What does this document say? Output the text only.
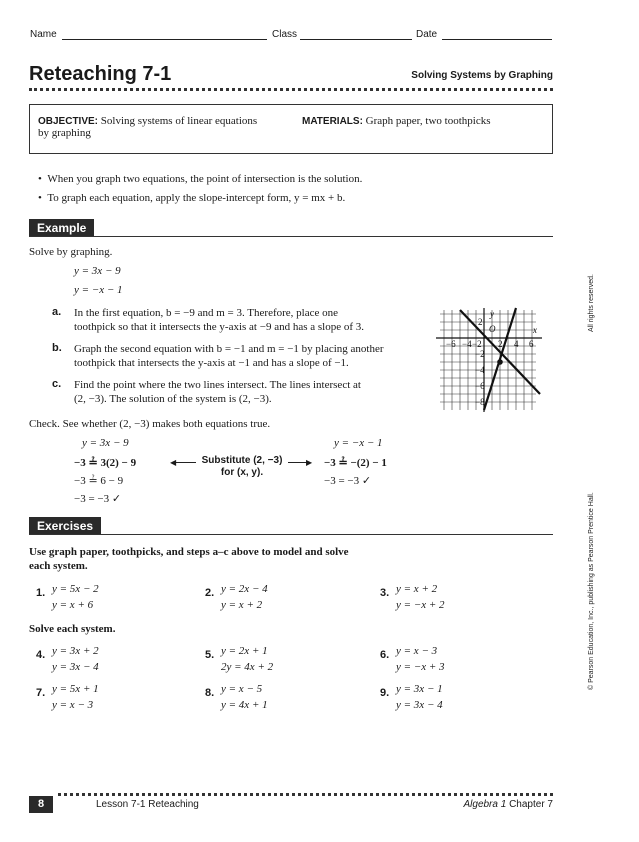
Name	Class	Date
Reteaching 7-1	Solving Systems by Graphing
OBJECTIVE: Solving systems of linear equations
by graphing
MATERIALS: Graph paper, two toothpicks
•  When you graph two equations, the point of intersection is the solution.
•  To graph each equation, apply the slope-intercept form, y = mx + b.
Example
Solve by graphing.
y = 3x − 9
y = −x − 1
a. In the first equation, b = −9 and m = 3. Therefore, place one
toothpick so that it intersects the y-axis at −9 and has a slope of 3.
b. Graph the second equation with b = −1 and m = −1 by placing another
toothpick that intersects the y-axis at −1 and has a slope of −1.
c. Find the point where the two lines intersect. The lines intersect at
(2, −3). The solution of the system is (2, −3).
y
x
O
−6 −4 −2 2 4 6
2
−2
−4
−6
−8
Check. See whether (2, −3) makes both equations true.
y = 3x − 9
−3 ≟ 3(2) − 9
−3 ≟ 6 − 9
−3 = −3 ✓
◀	Substitute (2, −3)
for (x, y).
▶
y = −x − 1
−3 ≟ −(2) − 1
−3 = −3 ✓
Exercises
Use graph paper, toothpicks, and steps a–c above to model and solve
each system.
1. y = 5x − 2
y = x + 6
2. y = 2x − 4
y = x + 2
3. y = x + 2
y = −x + 2
Solve each system.
4. y = 3x + 2
y = 3x − 4
5. y = 2x + 1
2y = 4x + 2
6. y = x − 3
y = −x + 3
7. y = 5x + 1
y = x − 3
8. y = x − 5
y = 4x + 1
9. y = 3x − 1
y = 3x − 4
All rights reserved.
© Pearson Education, Inc., publishing as Pearson Prentice Hall.
8	Lesson 7-1 Reteaching	Algebra 1 Chapter 7
